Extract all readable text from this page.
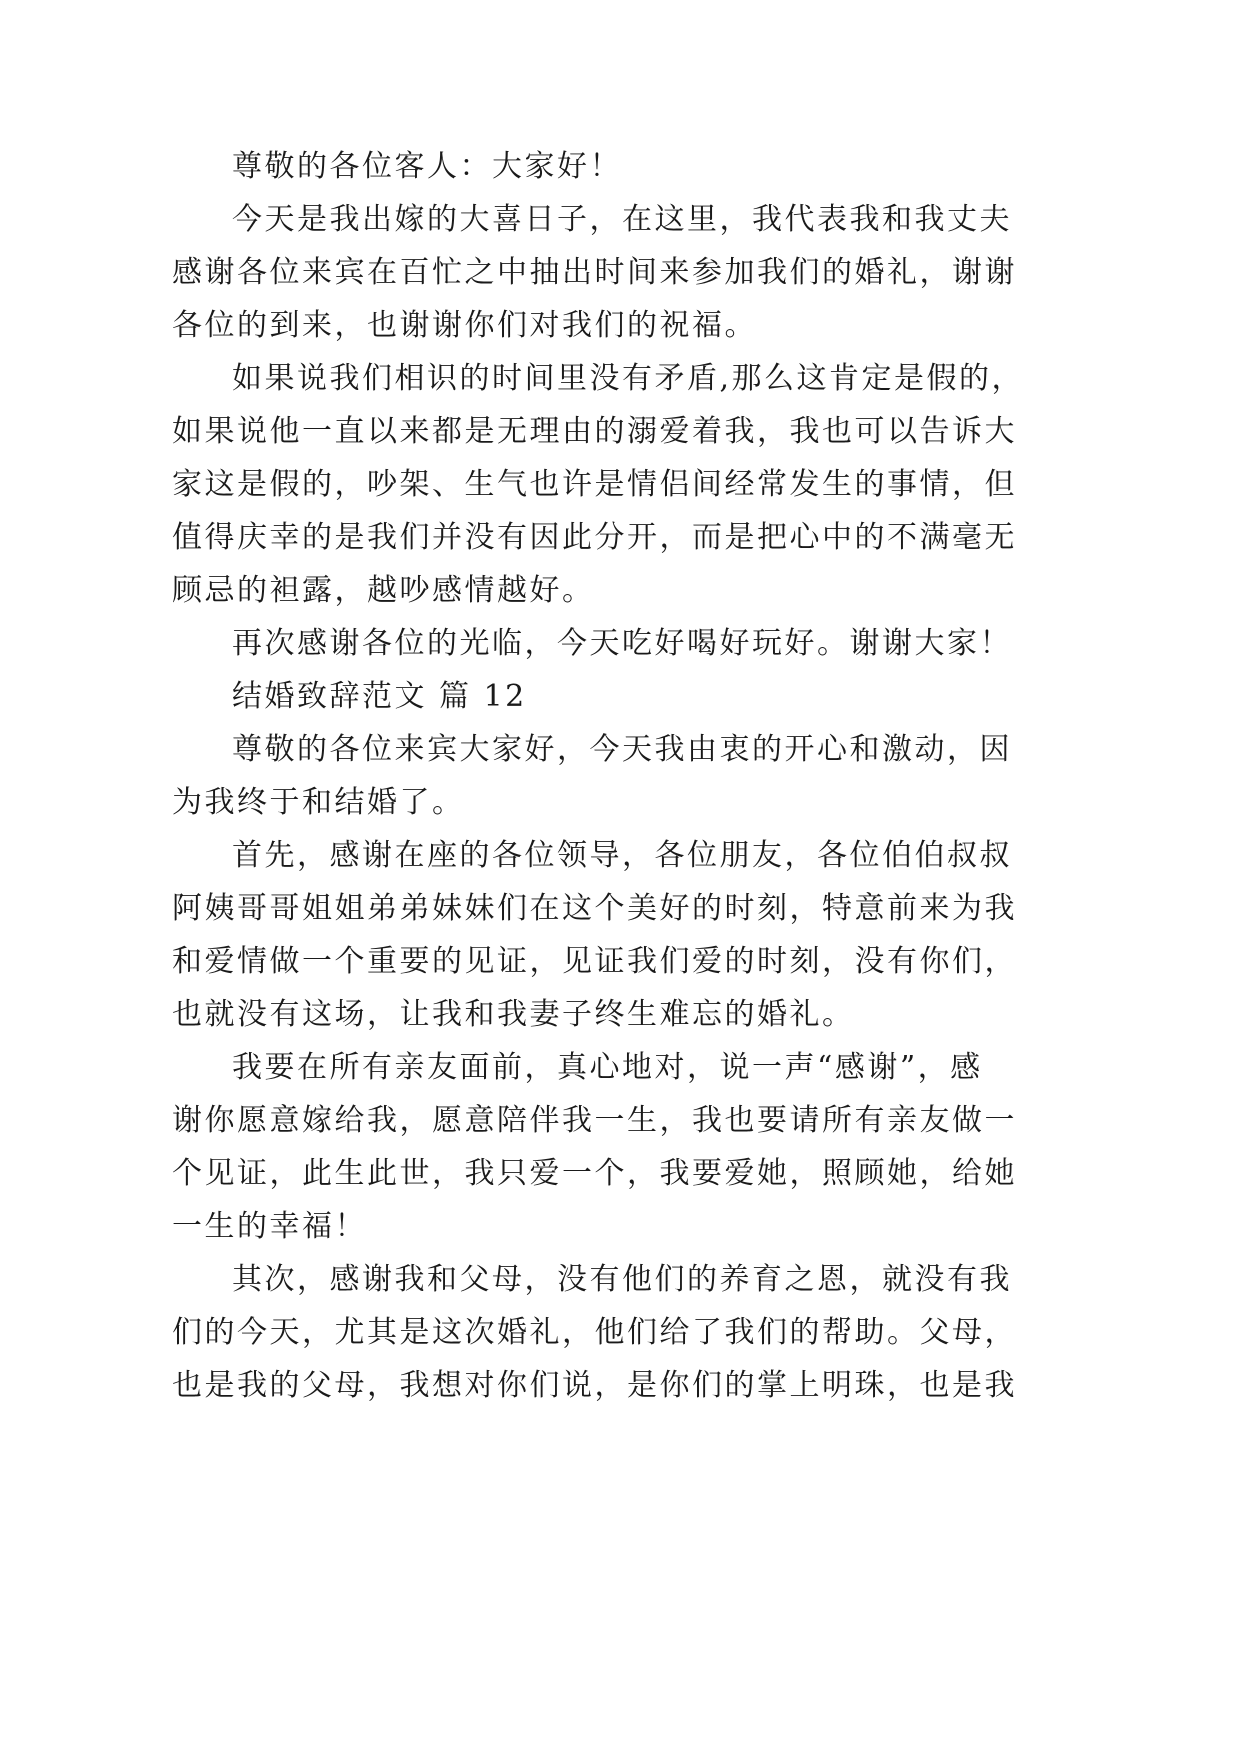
尊敬的各位客人：大家好！
今天是我出嫁的大喜日子，在这里，我代表我和我丈夫
感谢各位来宾在百忙之中抽出时间来参加我们的婚礼，谢谢
各位的到来，也谢谢你们对我们的祝福。
如果说我们相识的时间里没有矛盾,那么这肯定是假的，
如果说他一直以来都是无理由的溺爱着我，我也可以告诉大
家这是假的，吵架、生气也许是情侣间经常发生的事情，但
值得庆幸的是我们并没有因此分开，而是把心中的不满毫无
顾忌的袒露，越吵感情越好。
再次感谢各位的光临，今天吃好喝好玩好。谢谢大家！
结婚致辞范文 篇 12
尊敬的各位来宾大家好，今天我由衷的开心和激动，因
为我终于和结婚了。
首先，感谢在座的各位领导，各位朋友，各位伯伯叔叔
阿姨哥哥姐姐弟弟妹妹们在这个美好的时刻，特意前来为我
和爱情做一个重要的见证，见证我们爱的时刻，没有你们，
也就没有这场，让我和我妻子终生难忘的婚礼。
我要在所有亲友面前，真心地对，说一声“感谢”，感
谢你愿意嫁给我，愿意陪伴我一生，我也要请所有亲友做一
个见证，此生此世，我只爱一个，我要爱她，照顾她，给她
一生的幸福！
其次，感谢我和父母，没有他们的养育之恩，就没有我
们的今天，尤其是这次婚礼，他们给了我们的帮助。父母，
也是我的父母，我想对你们说，是你们的掌上明珠，也是我
